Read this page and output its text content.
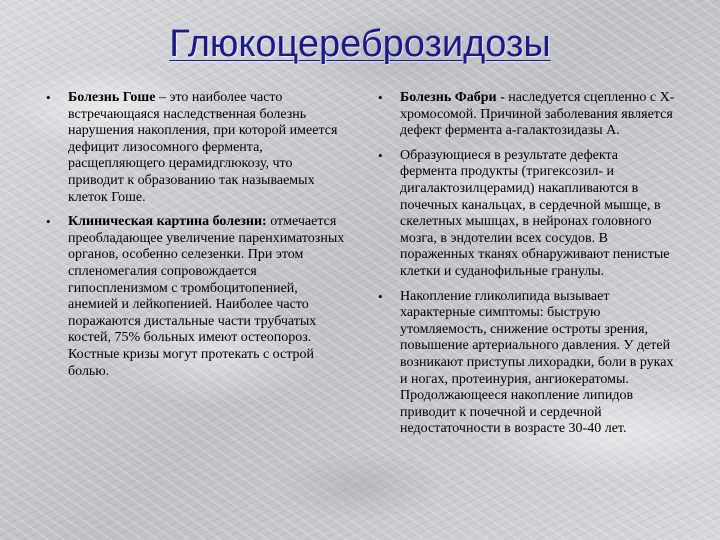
Глюкоцереброзидозы
• Болезнь Гоше – это наиболее часто встречающаяся наследственная болезнь нарушения накопления, при которой имеется дефицит лизосомного фермента, расщепляющего церамидглюкозу, что приводит к образованию так называемых клеток Гоше.
• Клиническая картина болезни: отмечается преобладающее увеличение паренхиматозных органов, особенно селезенки. При этом спленомегалия сопровождается гипоспленизмом с тромбоцитопенией, анемией и лейкопенией. Наиболее часто поражаются дистальные части трубчатых костей, 75% больных имеют остеопороз. Костные кризы могут протекать с острой болью.
• Болезнь Фабри - наследуется сцепленно с Х-хромосомой. Причиной заболевания является дефект фермента а-галактозидазы А.
• Образующиеся в результате дефекта фермента продукты (тригексозил- и дигалактозилцерамид) накапливаются в почечных канальцах, в сердечной мышце, в скелетных мышцах, в нейронах головного мозга, в эндотелии всех сосудов. В пораженных тканях обнаруживают пенистые клетки и суданофильные гранулы.
• Накопление гликолипида вызывает характерные симптомы: быструю утомляемость, снижение остроты зрения, повышение артериального давления. У детей возникают приступы лихорадки, боли в руках и ногах, протеинурия, ангиокератомы. Продолжающееся накопление липидов приводит к почечной и сердечной недостаточности в возрасте 30-40 лет.
